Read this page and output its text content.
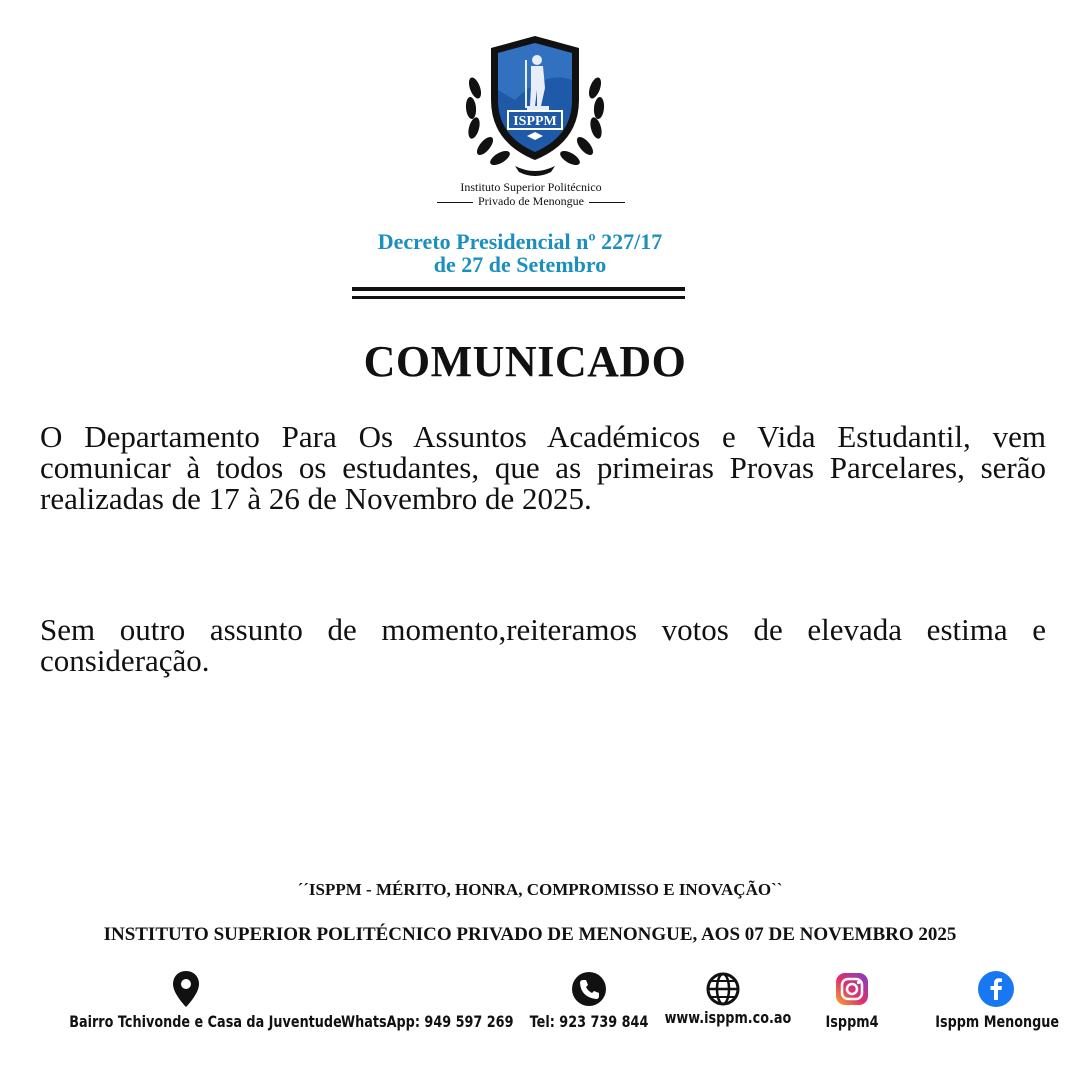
ISPPM
Instituto Superior Politécnico
Privado de Menongue
Decreto Presidencial nº 227/17
de 27 de Setembro
COMUNICADO
O Departamento Para Os Assuntos Académicos e Vida Estudantil, vem comunicar à todos os estudantes, que as primeiras Provas Parcelares, serão realizadas de 17 à 26 de Novembro de 2025.
Sem outro assunto de momento,reiteramos votos de elevada estima e consideração.
´´ISPPM - MÉRITO, HONRA, COMPROMISSO E INOVAÇÃO``
INSTITUTO SUPERIOR POLITÉCNICO PRIVADO DE MENONGUE, AOS 07 DE NOVEMBRO 2025
Bairro Tchivonde e Casa da Juventude WhatsApp: 949 597 269	Tel: 923 739 844	www.isppm.co.ao	Isppm4	Isppm Menongue
